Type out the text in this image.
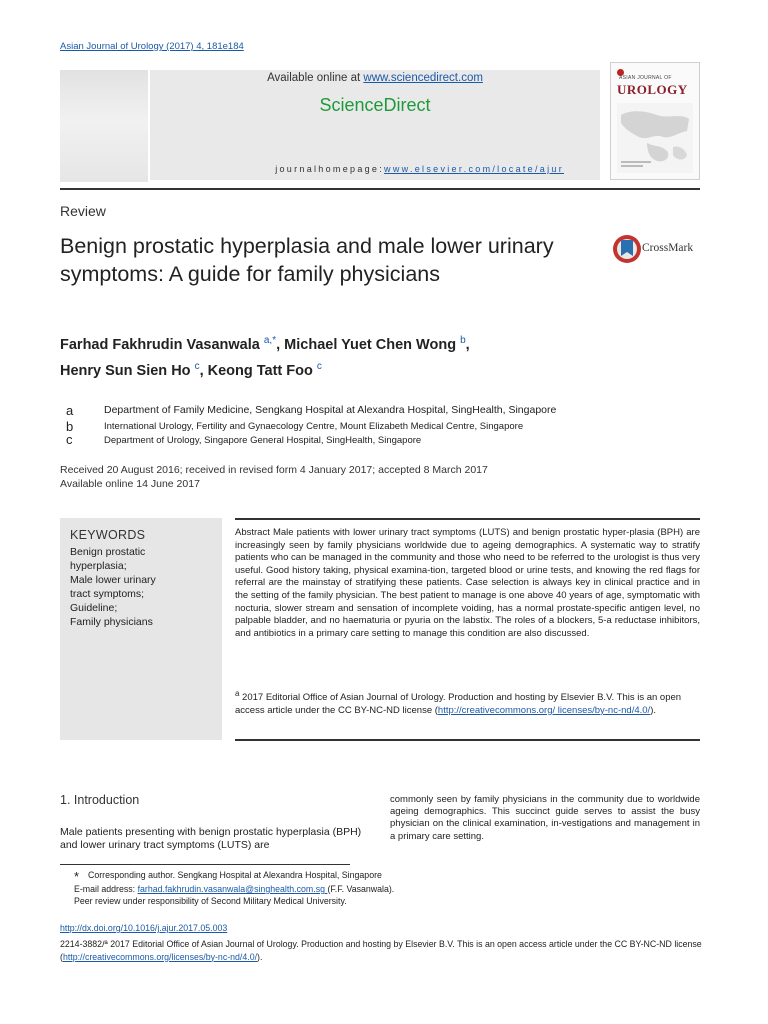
Asian Journal of Urology (2017) 4, 181e184
Available online at www.sciencedirect.com
ScienceDirect
journalhomepage:www.elsevier.com/locate/ajur
ASIAN JOURNAL OF
UROLOGY
Review
Benign prostatic hyperplasia and male lower urinary symptoms: A guide for family physicians
CrossMark
Farhad Fakhrudin Vasanwala $^{a,*}$, Michael Yuet Chen Wong $^b$,
Henry Sun Sien Ho $^c$, Keong Tatt Foo $^c$
a	Department of Family Medicine, Sengkang Hospital at Alexandra Hospital, SingHealth, Singapore
b	International Urology, Fertility and Gynaecology Centre, Mount Elizabeth Medical Centre, Singapore
c	Department of Urology, Singapore General Hospital, SingHealth, Singapore
Received 20 August 2016; received in revised form 4 January 2017; accepted 8 March 2017
Available online 14 June 2017
KEYWORDS
Benign prostatic hyperplasia;
Male lower urinary tract symptoms;
Guideline;
Family physicians
Abstract Male patients with lower urinary tract symptoms (LUTS) and benign prostatic hyper-plasia (BPH) are increasingly seen by family physicians worldwide due to ageing demographics. A systematic way to stratify patients who can be managed in the community and those who need to be referred to the urologist is thus very useful. Good history taking, physical examina-tion, targeted blood or urine tests, and knowing the red flags for referral are the mainstay of stratifying these patients. Case selection is always key in clinical practice and in the setting of the family physician. The best patient to manage is one above 40 years of age, symptomatic with nocturia, slower stream and sensation of incomplete voiding, has a normal prostate-specific antigen level, no palpable bladder, and no haematuria or pyuria on the labstix. The roles of a blockers, 5-a reductase inhibitors, and antibiotics in a primary care setting to manage this condition are also discussed.
$^a$ 2017 Editorial Office of Asian Journal of Urology. Production and hosting by Elsevier B.V. This is an open access article under the CC BY-NC-ND license (http://creativecommons.org/ licenses/by-nc-nd/4.0/).
1. Introduction
Male patients presenting with benign prostatic hyperplasia (BPH) and lower urinary tract symptoms (LUTS) are
commonly seen by family physicians in the community due to worldwide ageing demographics. This succinct guide serves to assist the busy physician on the clinical examination, in-vestigations and management in a primary care setting.
* Corresponding author. Sengkang Hospital at Alexandra Hospital, Singapore
E-mail address: farhad.fakhrudin.vasanwala@singhealth.com.sg (F.F. Vasanwala).
Peer review under responsibility of Second Military Medical University.
http://dx.doi.org/10.1016/j.ajur.2017.05.003
2214-3882/ª 2017 Editorial Office of Asian Journal of Urology. Production and hosting by Elsevier B.V. This is an open access article under the CC BY-NC-ND license (http://creativecommons.org/licenses/by-nc-nd/4.0/).
